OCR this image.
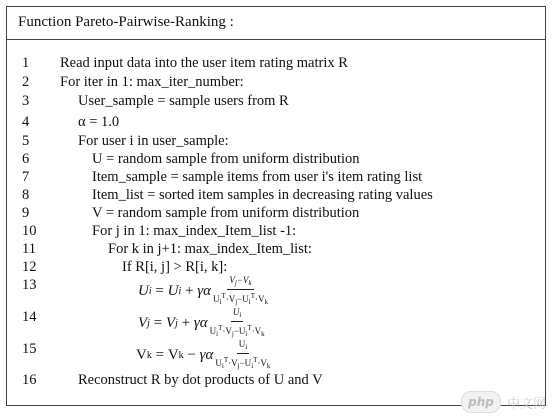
Function Pareto-Pairwise-Ranking :
1 Read input data into the user item rating matrix R
2 For iter in 1: max_iter_number:
3	User_sample = sample users from R
4	α = 1.0
5	For user i in user_sample:
6	U = random sample from uniform distribution
7	Item_sample = sample items from user i's item rating list
8	Item_list = sorted item samples in decreasing rating values
9	V = random sample from uniform distribution
10	For j in 1: max_index_Item_list -1:
11	For k in j+1: max_index_Item_list:
12	If R[i, j] > R[i, k]:
13	U i = U i
+
γα $\frac{V_j-V_k}{U_i^T\cdot V_j-U_i^T\cdot V_k}$
14	V j = V j
+
γα $\frac{U_i}{U_i^T\cdot V_j-U_i^T\cdot V_k}$
15	V k = V k
−
γα $\frac{U_i}{U_i^T\cdot V_j-U_i^T\cdot V_k}$
16	Reconstruct R by dot products of U and V
php	中文网
